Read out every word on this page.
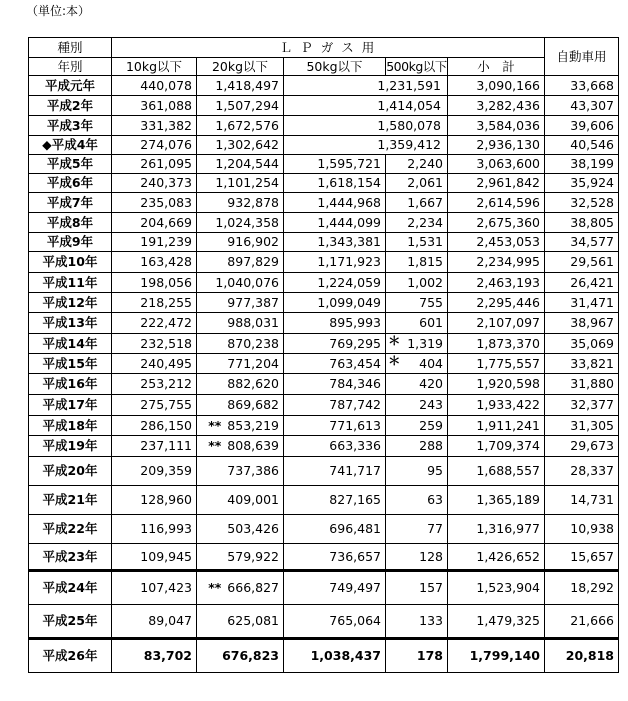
（単位:本）
種別	Ｌ Ｐ ガ ス 用					自動車用
年別	10kg以下	20kg以下	50kg以下	500kg以下	小　計	
平成元年	440,078	1,418,497	1,231,591		3,090,166	33,668
平成2年	361,088	1,507,294	1,414,054		3,282,436	43,307
平成3年	331,382	1,672,576	1,580,078		3,584,036	39,606
◆平成4年	274,076	1,302,642	1,359,412		2,936,130	40,546
平成5年	261,095	1,204,544	1,595,721	2,240	3,063,600	38,199
平成6年	240,373	1,101,254	1,618,154	2,061	2,961,842	35,924
平成7年	235,083	932,878	1,444,968	1,667	2,614,596	32,528
平成8年	204,669	1,024,358	1,444,099	2,234	2,675,360	38,805
平成9年	191,239	916,902	1,343,381	1,531	2,453,053	34,577
平成10年	163,428	897,829	1,171,923	1,815	2,234,995	29,561
平成11年	198,056	1,040,076	1,224,059	1,002	2,463,193	26,421
平成12年	218,255	977,387	1,099,049	755	2,295,446	31,471
平成13年	222,472	988,031	895,993	601	2,107,097	38,967
平成14年	232,518	870,238	769,295	＊ 1,319	1,873,370	35,069
平成15年	240,495	771,204	763,454	＊ 404	1,775,557	33,821
平成16年	253,212	882,620	784,346	420	1,920,598	31,880
平成17年	275,755	869,682	787,742	243	1,933,422	32,377
平成18年	286,150	** 853,219	771,613	259	1,911,241	31,305
平成19年	237,111	** 808,639	663,336	288	1,709,374	29,673
平成20年	209,359	737,386	741,717	95	1,688,557	28,337
平成21年	128,960	409,001	827,165	63	1,365,189	14,731
平成22年	116,993	503,426	696,481	77	1,316,977	10,938
平成23年	109,945	579,922	736,657	128	1,426,652	15,657
平成24年	107,423	** 666,827	749,497	157	1,523,904	18,292
平成25年	89,047	625,081	765,064	133	1,479,325	21,666
平成26年	83,702	676,823	1,038,437	178	1,799,140	20,818
